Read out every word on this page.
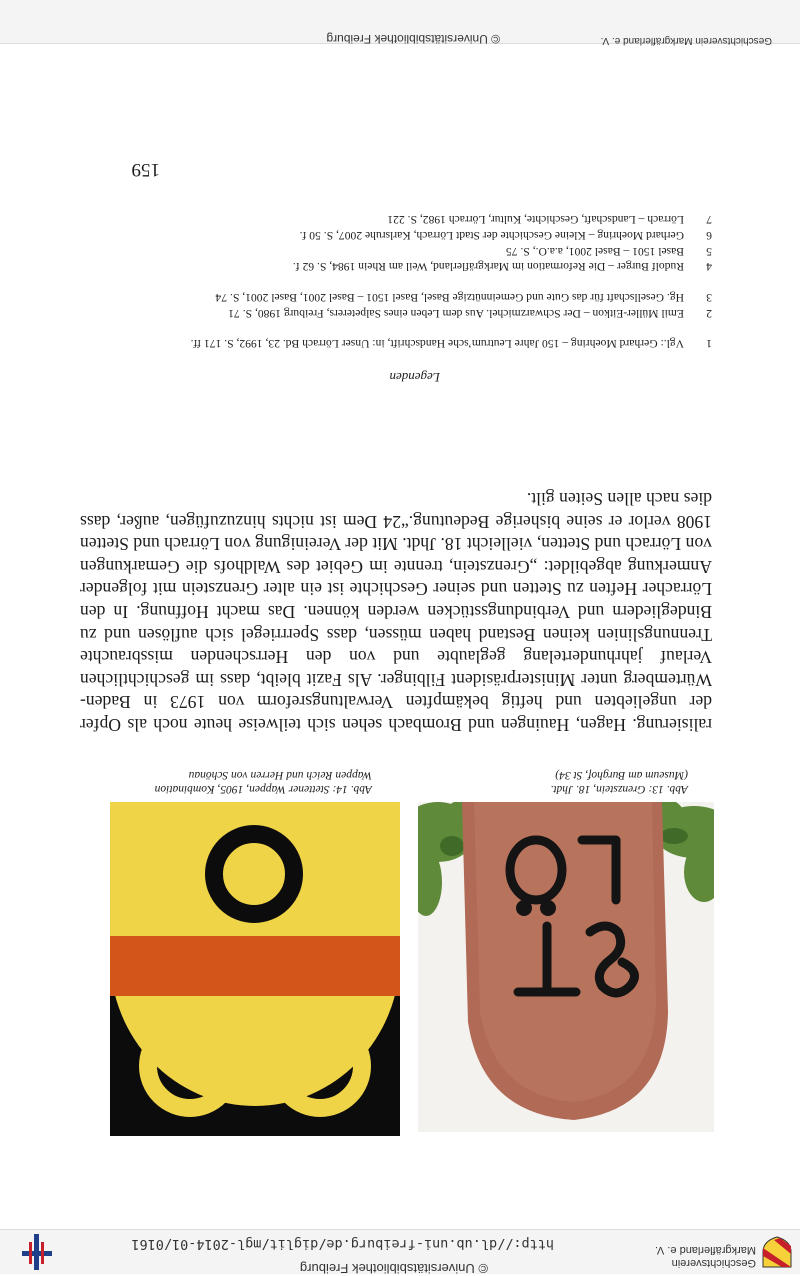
http://dl.ub.uni-freiburg.de/diglit/mgl-2014-01/0161
© Universitätsbibliothek Freiburg	Geschichtsverein
Markgräflerland e. V.
Abb. 13: Grenzstein, 18. Jhdt.
(Museum am Burghof, St 34)
Abb. 14: Stettener Wappen, 1905, Kombination
Wappen Reich und Herren von Schönau

ralisierung. Hagen, Hauingen und Brombach sehen sich teilweise heute noch als Opfer der ungeliebten und heftig bekämpften Verwaltungsreform von 1973 in Baden-Würtemberg unter Ministerpräsident Filbinger. Als Fazit bleibt, dass im geschichtlichen Verlauf jahrhundertelang geglaubte und von den Herrschenden missbrauchte Trennungslinien keinen Bestand haben müssen, dass Sperrriegel sich auflösen und zu Bindegliedern und Verbindungsstücken werden können. Das macht Hoffnung. In den Lörracher Heften zu Stetten und seiner Geschichte ist ein alter Grenzstein mit folgender Anmerkung abgebildet: „Grenzstein, trennte im Gebiet des Waldhofs die Gemarkungen von Lörrach und Stetten, vielleicht 18. Jhdt. Mit der Vereinigung von Lörrach und Stetten 1908 verlor er seine bisherige Bedeutung.“24 Dem ist nichts hinzuzufügen, außer, dass dies nach allen Seiten gilt.

Legenden
1
Vgl.: Gerhard Moehring – 150 Jahre Leutrum’sche Handschrift, in: Unser Lörrach Bd. 23, 1992, S. 171 ff.
2
Emil Müller-Eitkon – Der Schwarzmichel. Aus dem Leben eines Salpeterers, Freiburg 1980, S. 71
3
Hg. Gesellschaft für das Gute und Gemeinnützige Basel, Basel 1501 – Basel 2001, Basel 2001, S. 74
4
Rudolf Burger – Die Reformation im Markgräflerland, Weil am Rhein 1984, S. 62 f.
5
Basel 1501 – Basel 2001, a.a.O., S. 75
6
Gerhard Moehring – Kleine Geschichte der Stadt Lörrach, Karlsruhe 2007, S. 50 f.
7
Lörrach – Landschaft, Geschichte, Kultur, Lörrach 1982, S. 221
159
© Universitätsbibliothek Freiburg	Geschichtsverein Markgräflerland e. V.
